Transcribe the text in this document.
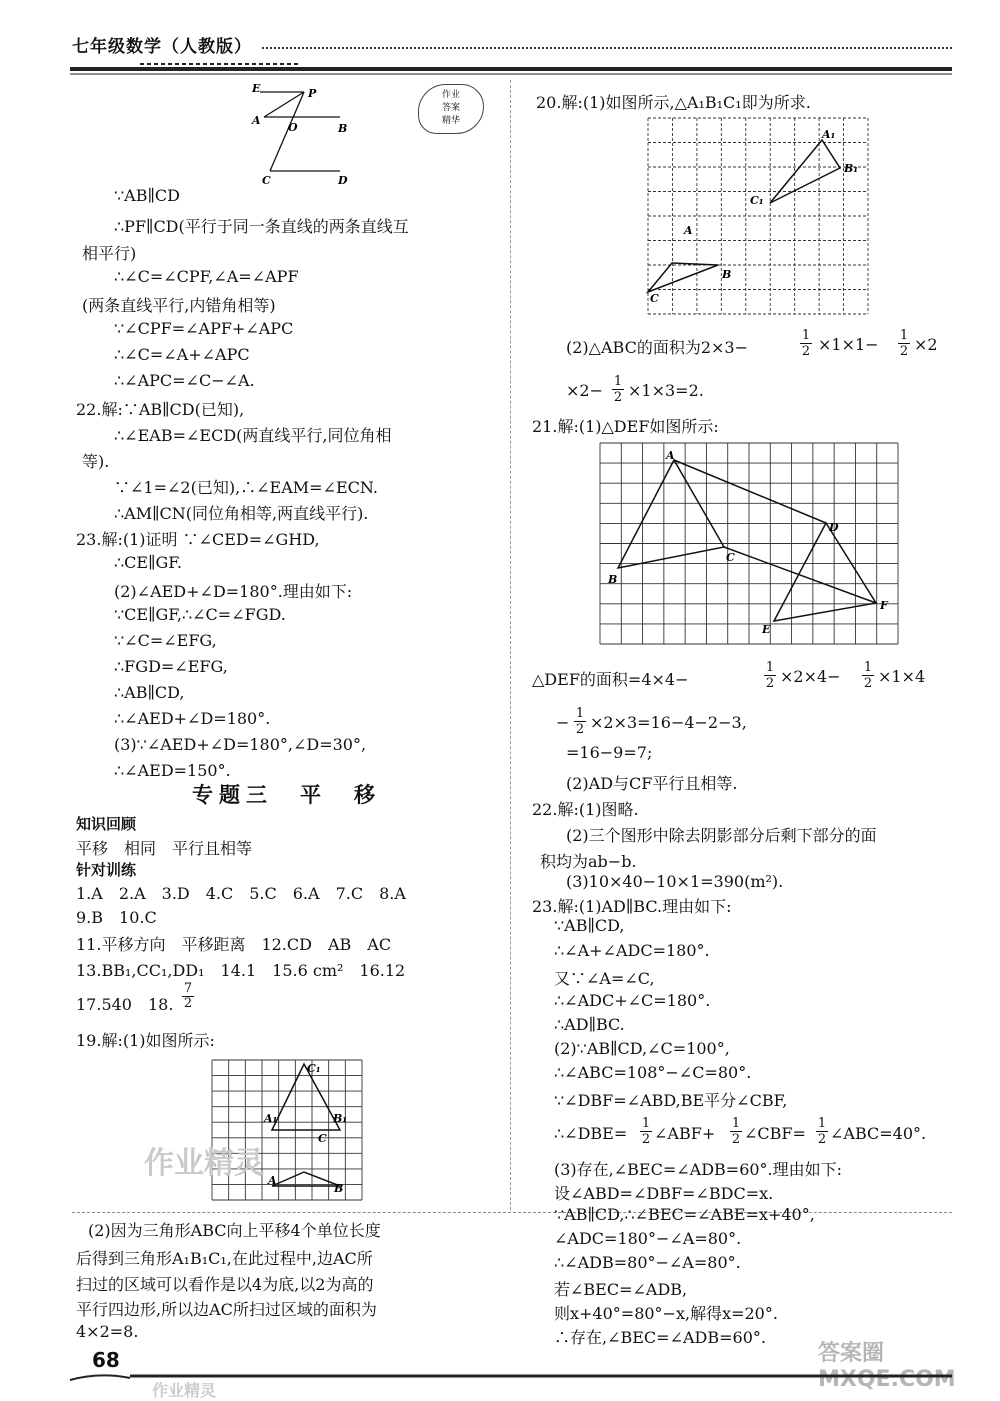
七年级数学（人教版）
E	P
A
O	B
C	D
作业
答案
精华
∵AB∥CD
∴PF∥CD(平行于同一条直线的两条直线互
相平行)
∴∠C=∠CPF,∠A=∠APF
(两条直线平行,内错角相等)
∵∠CPF=∠APF+∠APC
∴∠C=∠A+∠APC
∴∠APC=∠C−∠A.
22.解:∵AB∥CD(已知),
∴∠EAB=∠ECD(两直线平行,同位角相
等).
∵∠1=∠2(已知),∴∠EAM=∠ECN.
∴AM∥CN(同位角相等,两直线平行).
23.解:(1)证明 ∵∠CED=∠GHD,
∴CE∥GF.
(2)∠AED+∠D=180°.理由如下:
∵CE∥GF,∴∠C=∠FGD.
∵∠C=∠EFG,
∴FGD=∠EFG,
∴AB∥CD,
∴∠AED+∠D=180°.
(3)∵∠AED+∠D=180°,∠D=30°,
∴∠AED=150°.
专题三　平　移
知识回顾
平移　相同　平行且相等
针对训练
1.A　2.A　3.D　4.C　5.C　6.A　7.C　8.A
9.B　10.C
11.平移方向　平移距离　12.CD　AB　AC
13.BB₁,CC₁,DD₁　14.1　15.6 cm²　16.12
17.540　18.
7
2
19.解:(1)如图所示:
C₁
A₁	B₁
C
A
B
作业精灵
(2)因为三角形ABC向上平移4个单位长度
后得到三角形A₁B₁C₁,在此过程中,边AC所
扫过的区域可以看作是以4为底,以2为高的
平行四边形,所以边AC所扫过区域的面积为
4×2=8.
20.解:(1)如图所示,△A₁B₁C₁即为所求.
A₁
B₁
C₁
A
B
C
(2)△ABC的面积为2×3−
1
2 ×1×1− 1
2 ×2
×2− 1
2 ×1×3=2.
21.解:(1)△DEF如图所示:
A
B
C
D
E
F
△DEF的面积=4×4−
1
2 ×2×4− 1
2 ×1×4
− 1
2 ×2×3=16−4−2−3,
=16−9=7;
(2)AD与CF平行且相等.
22.解:(1)图略.
(2)三个图形中除去阴影部分后剩下部分的面
积均为ab−b.
(3)10×40−10×1=390(m²).
23.解:(1)AD∥BC.理由如下:
∵AB∥CD,
∴∠A+∠ADC=180°.
又∵∠A=∠C,
∴∠ADC+∠C=180°.
∴AD∥BC.
(2)∵AB∥CD,∠C=100°,
∴∠ABC=108°−∠C=80°.
∵∠DBF=∠ABD,BE平分∠CBF,
∴∠DBE=
1
2 ∠ABF+
1
2 ∠CBF=
1
2 ∠ABC=40°.
(3)存在,∠BEC=∠ADB=60°.理由如下:
设∠ABD=∠DBF=∠BDC=x.
∵AB∥CD,∴∠BEC=∠ABE=x+40°,
∠ADC=180°−∠A=80°.
∴∠ADB=80°−∠A=80°.
若∠BEC=∠ADB,
则x+40°=80°−x,解得x=20°.
∴存在,∠BEC=∠ADB=60°.
答案圈 MXQE.COM
68
作业精灵
